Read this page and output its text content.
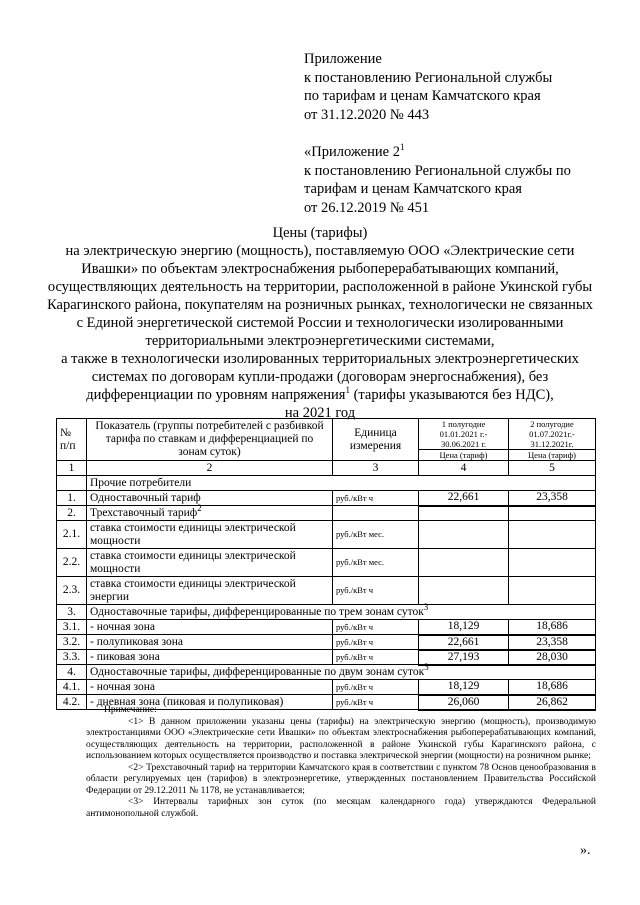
Приложение
к постановлению Региональной службы
по тарифам и ценам Камчатского края
от 31.12.2020 № 443
«Приложение $2^1$
к постановлению Региональной службы по
тарифам и ценам Камчатского края
от 26.12.2019 № 451
Цены (тарифы)
на электрическую энергию (мощность), поставляемую ООО «Электрические сети
Ивашки» по объектам электроснабжения рыбоперерабатывающих компаний,
осуществляющих деятельность на территории, расположенной в районе Укинской губы
Карагинского района, покупателям на розничных рынках, технологически не связанных
с Единой энергетической системой России и технологически изолированными
территориальными электроэнергетическими системами,
а также в технологически изолированных территориальных электроэнергетических
системах по договорам купли-продажи (договорам энергоснабжения), без
дифференциации по уровням напряжения$^1$ (тарифы указываются без НДС),
на 2021 год
№ п/п	Показатель (группы потребителей с разбивкой тарифа по ставкам и дифференциацией по зонам суток)	Единица измерения	1 полугодие 01.01.2021 г.- 30.06.2021 г.	2 полугодие 01.07.2021г.- 31.12.2021г.
			Цена (тариф)	Цена (тариф)
1	2	3	4	5
	Прочие потребители			
1.	Одноставочный тариф	руб./кВт ч	22,661	23,358
2.	Трехставочный тариф$^2$			
2.1.	ставка стоимости единицы электрической мощности	руб./кВт мес.		
2.2.	ставка стоимости единицы электрической мощности	руб./кВт мес.		
2.3.	ставка стоимости единицы электрической энергии	руб./кВт ч		
3.	Одноставочные тарифы, дифференцированные по трем зонам суток$^3$
3.1.	- ночная зона	руб./кВт ч	18,129	18,686
3.2.	- полупиковая зона	руб./кВт ч	22,661	23,358
3.3.	- пиковая зона	руб./кВт ч	27,193	28,030
4.	Одноставочные тарифы, дифференцированные по двум зонам суток$^3$
4.1.	- ночная зона	руб./кВт ч	18,129	18,686
4.2.	- дневная зона (пиковая и полупиковая)	руб./кВт ч	26,060	26,862

Примечание:

<1> В данном приложении указаны цены (тарифы) на электрическую энергию (мощность), производимую электростанциями ООО «Электрические сети Ивашки» по объектам электроснабжения рыбоперерабатывающих компаний, осуществляющих деятельность на территории, расположенной в районе Укинской губы Карагинского района, с использованием которых осуществляется производство и поставка электрической энергии (мощности) на розничном рынке;

<2> Трехставочный тариф на территории Камчатского края в соответствии с пунктом 78 Основ ценообразования в области регулируемых цен (тарифов) в электроэнергетике, утвержденных постановлением Правительства Российской Федерации от 29.12.2011 № 1178, не устанавливается;

<3> Интервалы тарифных зон суток (по месяцам календарного года) утверждаются Федеральной антимонопольной службой.

».
